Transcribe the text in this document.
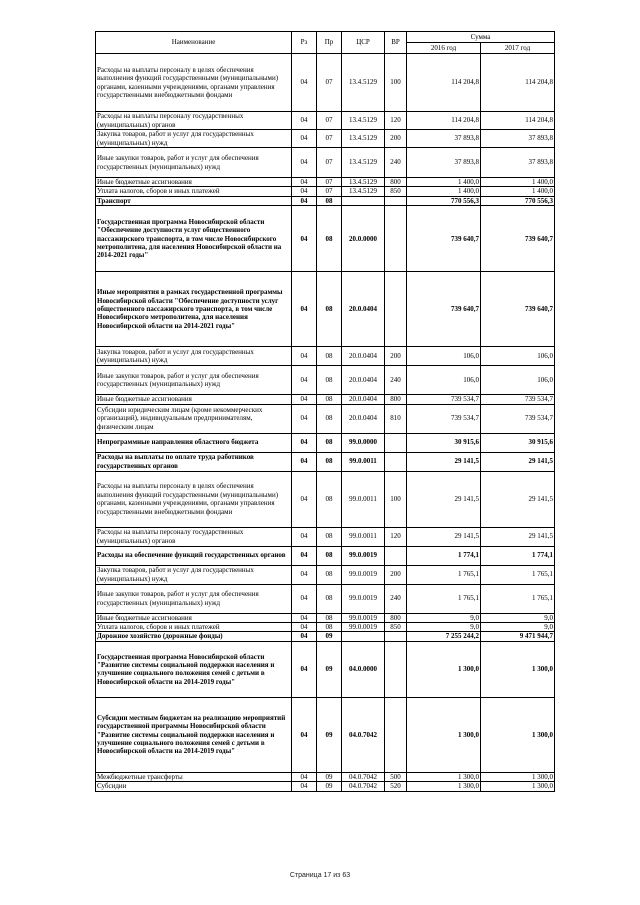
Наименование	Рз	Пр	ЦСР	ВР	Сумма	
					2016 год	2017 год
Расходы на выплаты персоналу в целях обеспечения выполнения функций государственными (муниципальными) органами, казенными учреждениями, органами управления государственными внебюджетными фондами	04	07	13.4.5129	100	114 204,8	114 204,8
Расходы на выплаты персоналу государственных (муниципальных) органов	04	07	13.4.5129	120	114 204,8	114 204,8
Закупка товаров, работ и услуг для государственных (муниципальных) нужд	04	07	13.4.5129	200	37 893,8	37 893,8
Иные закупки товаров, работ и услуг для обеспечения государственных (муниципальных) нужд	04	07	13.4.5129	240	37 893,8	37 893,8
Иные бюджетные ассигнования	04	07	13.4.5129	800	1 400,0	1 400,0
Уплата налогов, сборов и иных платежей	04	07	13.4.5129	850	1 400,0	1 400,0
Транспорт	04	08			770 556,3	770 556,3
Государственная программа Новосибирской области "Обеспечение доступности услуг общественного пассажирского транспорта, в том числе Новосибирского метрополитена, для населения Новосибирской области на 2014-2021 годы"	04	08	20.0.0000		739 640,7	739 640,7
Иные мероприятия в рамках государственной программы Новосибирской области "Обеспечение доступности услуг общественного пассажирского транспорта, в том числе Новосибирского метрополитена, для населения Новосибирской области на 2014-2021 годы"	04	08	20.0.0404		739 640,7	739 640,7
Закупка товаров, работ и услуг для государственных (муниципальных) нужд	04	08	20.0.0404	200	106,0	106,0
Иные закупки товаров, работ и услуг для обеспечения государственных (муниципальных) нужд	04	08	20.0.0404	240	106,0	106,0
Иные бюджетные ассигнования	04	08	20.0.0404	800	739 534,7	739 534,7
Субсидии юридическим лицам (кроме некоммерческих организаций), индивидуальным предпринимателям, физическим лицам	04	08	20.0.0404	810	739 534,7	739 534,7
Непрограммные направления областного бюджета	04	08	99.0.0000		30 915,6	30 915,6
Расходы на выплаты по оплате труда работников государственных органов	04	08	99.0.0011		29 141,5	29 141,5
Расходы на выплаты персоналу в целях обеспечения выполнения функций государственными (муниципальными) органами, казенными учреждениями, органами управления государственными внебюджетными фондами	04	08	99.0.0011	100	29 141,5	29 141,5
Расходы на выплаты персоналу государственных (муниципальных) органов	04	08	99.0.0011	120	29 141,5	29 141,5
Расходы на обеспечение функций государственных органов	04	08	99.0.0019		1 774,1	1 774,1
Закупка товаров, работ и услуг для государственных (муниципальных) нужд	04	08	99.0.0019	200	1 765,1	1 765,1
Иные закупки товаров, работ и услуг для обеспечения государственных (муниципальных) нужд	04	08	99.0.0019	240	1 765,1	1 765,1
Иные бюджетные ассигнования	04	08	99.0.0019	800	9,0	9,0
Уплата налогов, сборов и иных платежей	04	08	99.0.0019	850	9,0	9,0
Дорожное хозяйство (дорожные фонды)	04	09			7 255 244,2	9 471 944,7
Государственная программа Новосибирской области "Развитие системы социальной поддержки населения и улучшение социального положения семей с детьми в Новосибирской области на 2014-2019 годы"	04	09	04.0.0000		1 300,0	1 300,0
Субсидии местным бюджетам на реализацию мероприятий государственной программы Новосибирской области "Развитие системы социальной поддержки населения и улучшение социального положения семей с детьми в Новосибирской области на 2014-2019 годы"	04	09	04.0.7042		1 300,0	1 300,0
Межбюджетные трансферты	04	09	04.0.7042	500	1 300,0	1 300,0
Субсидии	04	09	04.0.7042	520	1 300,0	1 300,0
Страница 17 из 63
